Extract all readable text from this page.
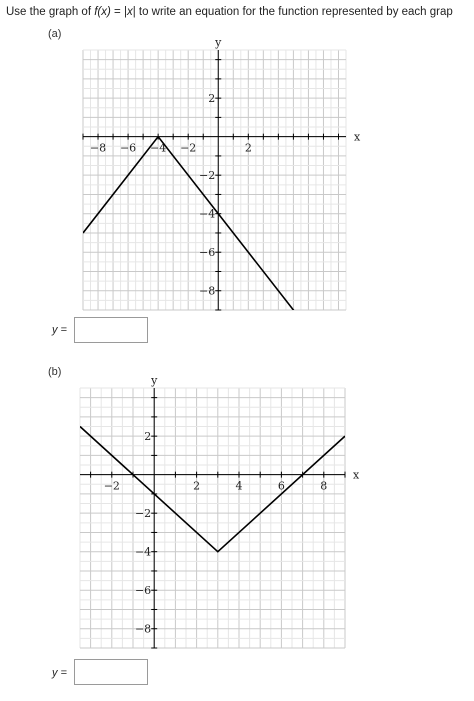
Use the graph of f(x) = |x| to write an equation for the function represented by each grap
(a)
−8 −6 −4 −2	2
2
−2
−4
−6
−8
x
y
y =
(b)
−2	2	4	6	8
2
−2
−4
−6
−8
x
y
y =
